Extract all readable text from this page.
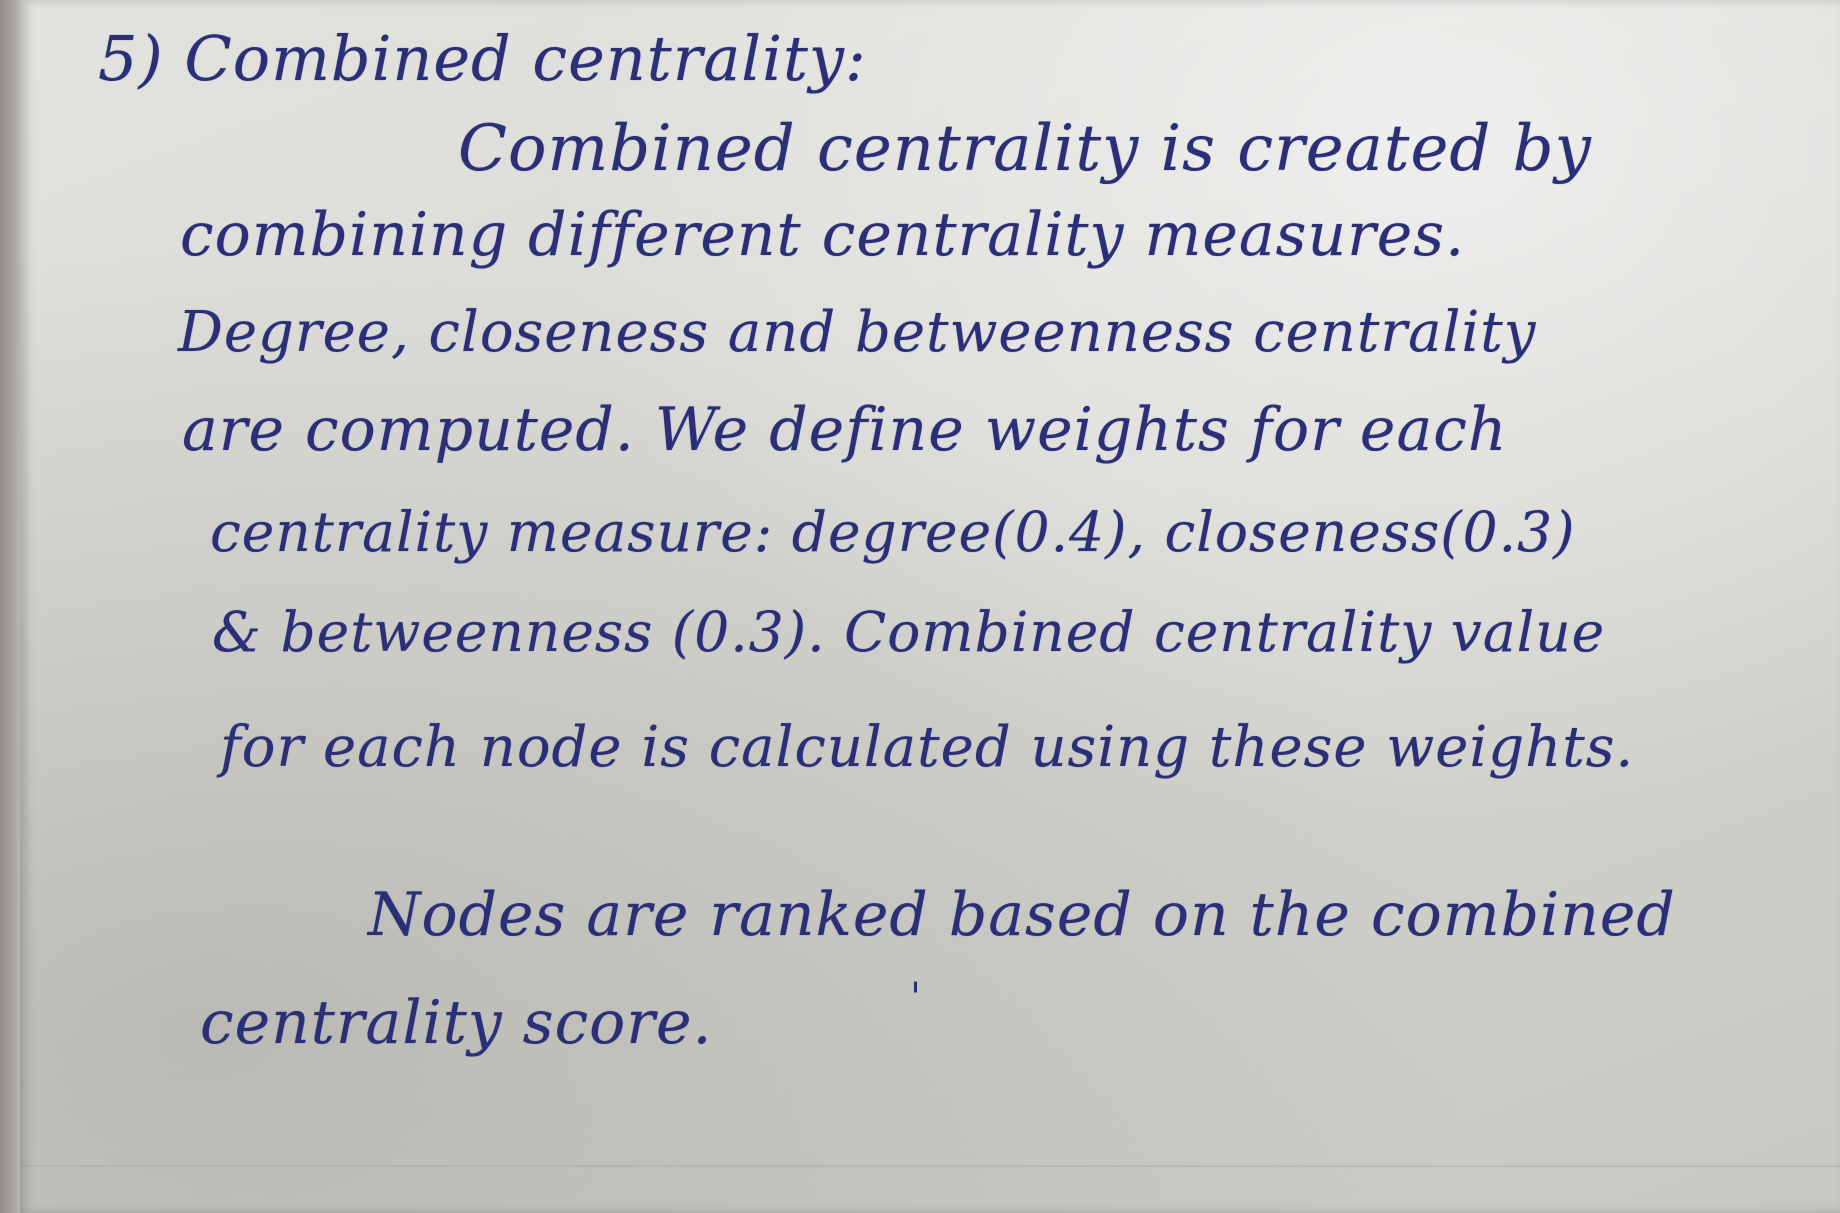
5) Combined centrality:
Combined centrality is created by
combining different centrality measures.
Degree, closeness and betweenness centrality
are computed. We define weights for each
centrality measure: degree(0.4), closeness(0.3)
& betweenness (0.3). Combined centrality value
for each node is calculated using these weights.
Nodes are ranked based on the combined
centrality score.	'
